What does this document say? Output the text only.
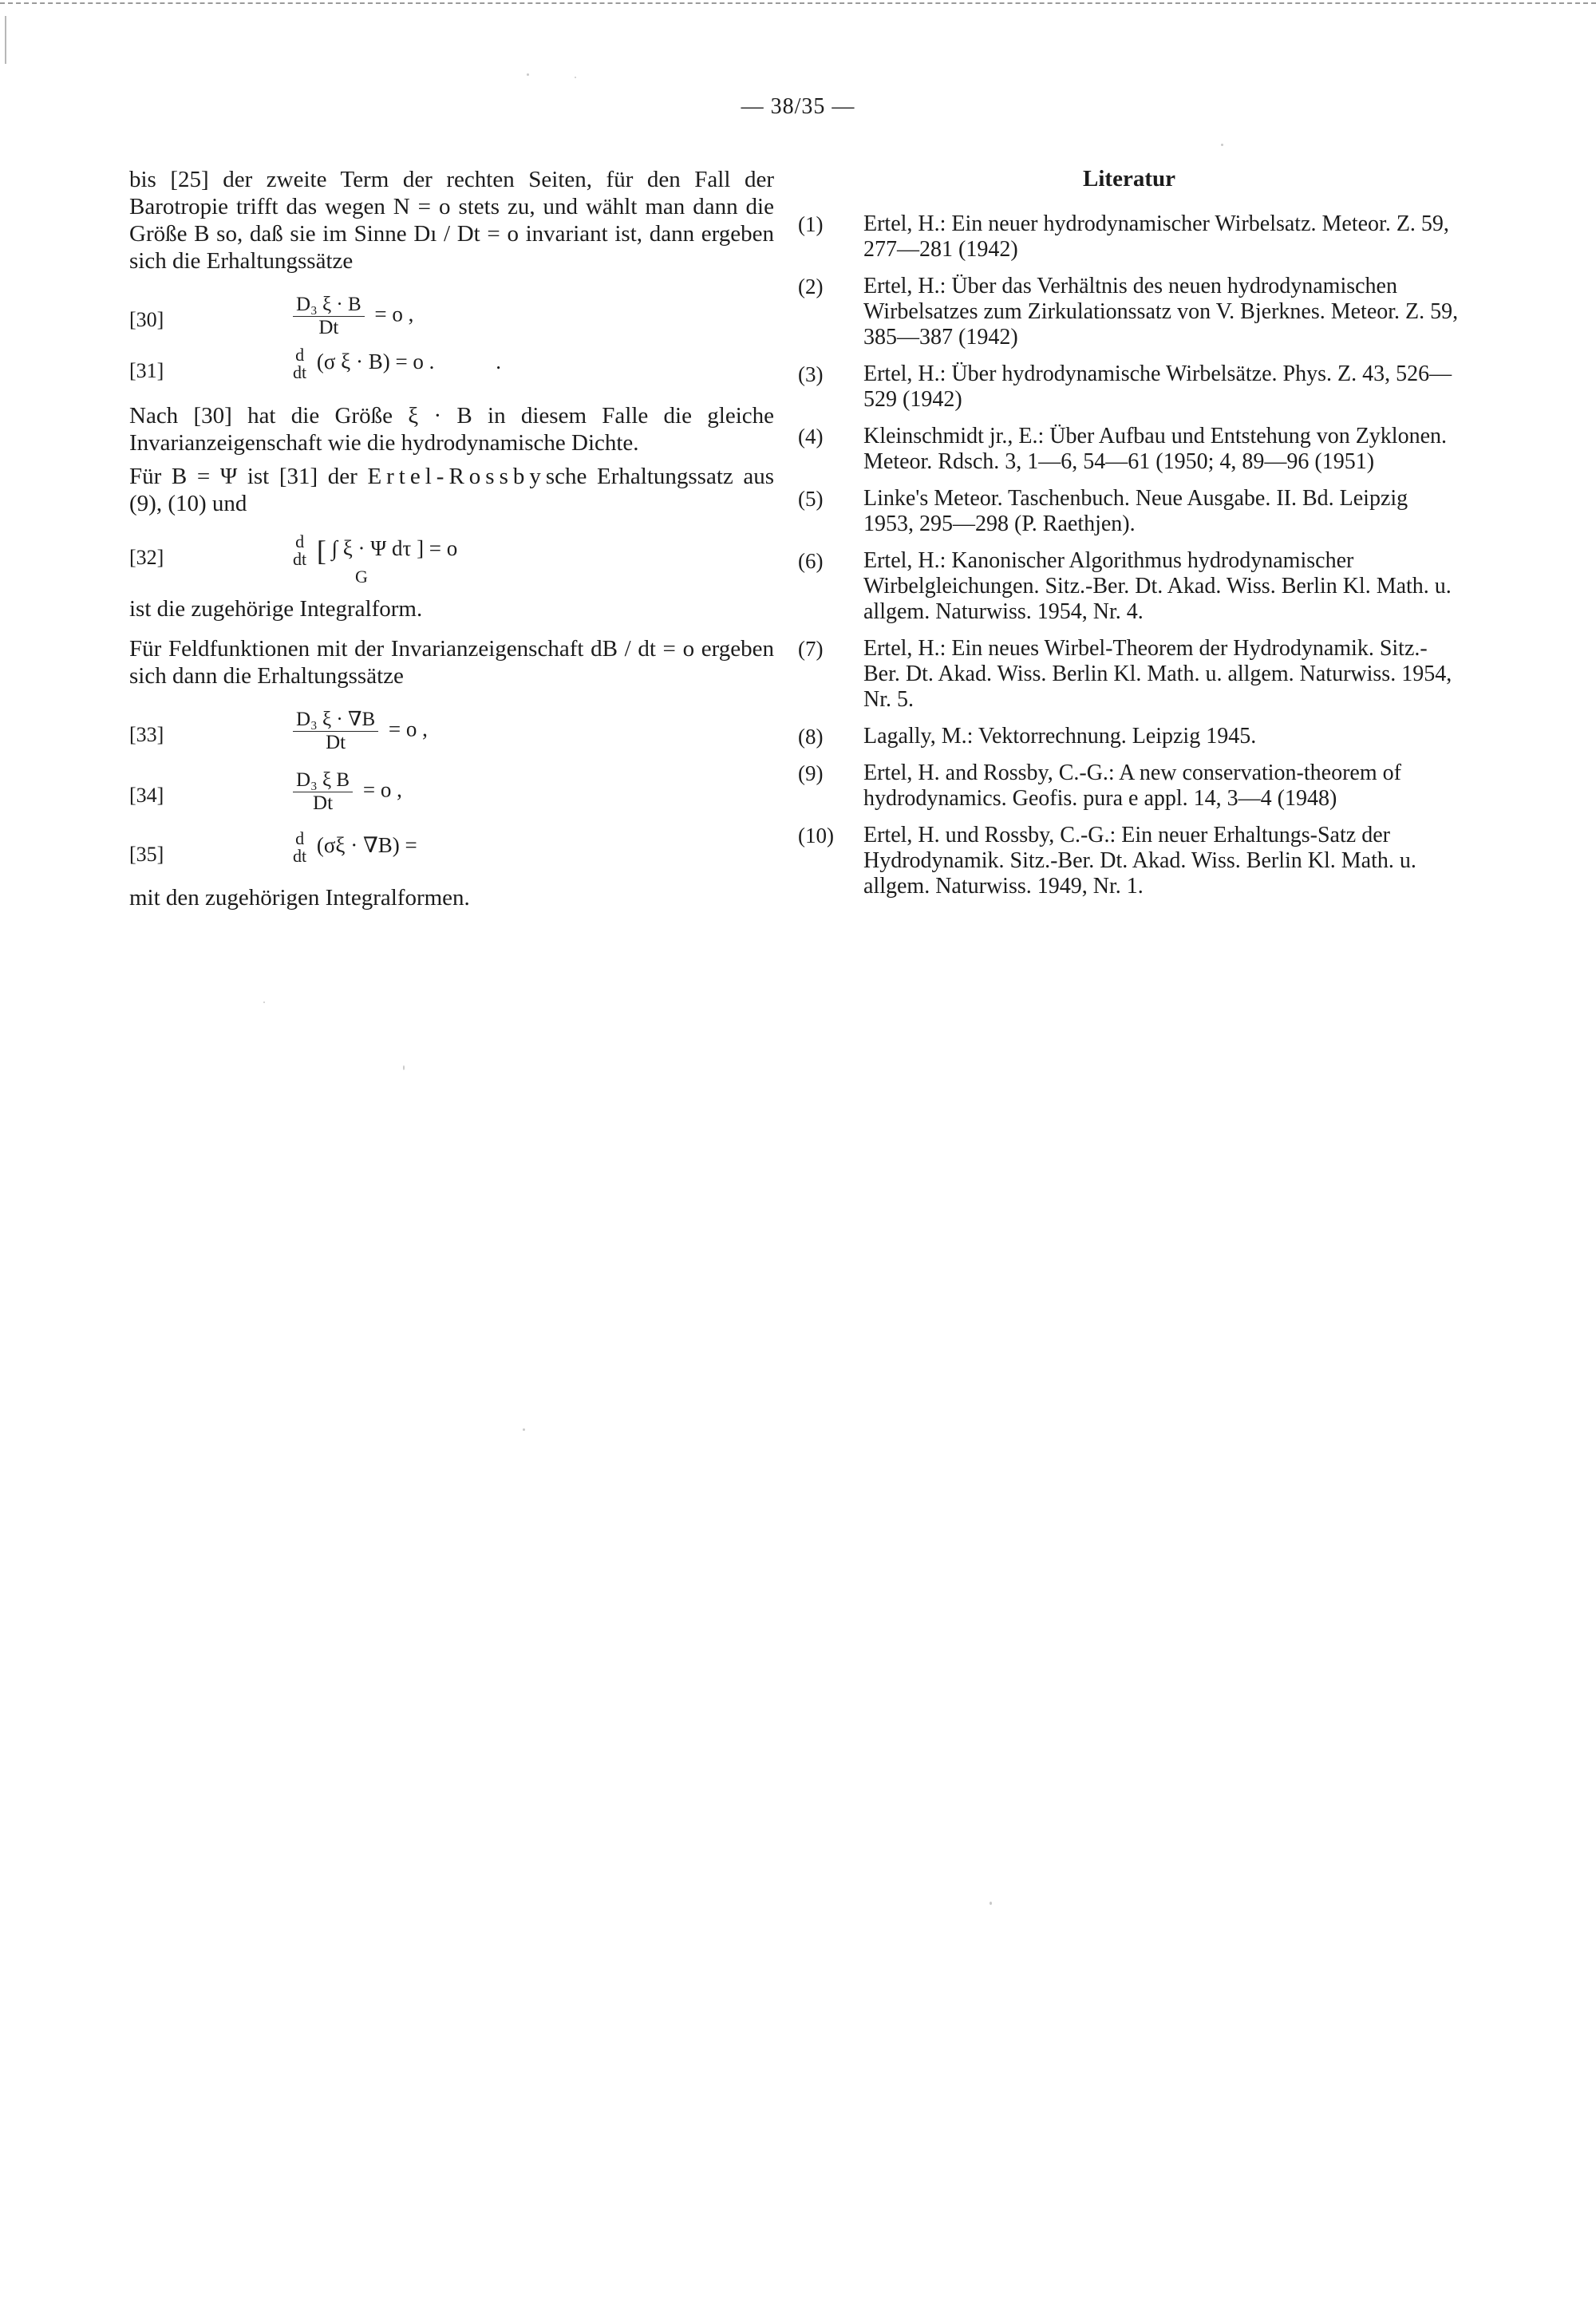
— 38/35 —

bis [25] der zweite Term der rechten Seiten, für den Fall der Barotropie trifft das wegen N = o stets zu, und wählt man dann die Größe B so, daß sie im Sinne Dı / Dt = o invariant ist, dann ergeben sich die Erhaltungssätze

[30]	$\frac{\text{D₃ ξ · B}}{Dt} = o$ ,
[31]
d
dt (σ ξ · B) = o .	.

Nach [30] hat die Größe ξ · B in diesem Falle die gleiche Invarianzeigenschaft wie die hydrodynamische Dichte.

Für B = Ψ ist [31] der Ertel-Rossbysche Erhaltungssatz aus (9), (10) und

[32]
d
dt [ ∫ ξ · Ψ dτ ] = o
G

ist die zugehörige Integralform.

Für Feldfunktionen mit der Invarianzeigenschaft dB / dt = o ergeben sich dann die Erhaltungssätze

[33]	$\frac{\text{D₃ ξ · ∇B}}{Dt} = o$ ,
[34]	$\frac{\text{D₃ ξ B}}{Dt} = o$ ,
[35]
d
dt (σξ · ∇B) =

mit den zugehörigen Integralformen.

Literatur
(1)	Ertel, H.: Ein neuer hydrodynamischer Wirbelsatz. Meteor. Z. 59, 277—281 (1942)
(2)	Ertel, H.: Über das Verhältnis des neuen hydrodynamischen Wirbelsatzes zum Zirkulationssatz von V. Bjerknes. Meteor. Z. 59, 385—387 (1942)
(3)	Ertel, H.: Über hydrodynamische Wirbelsätze. Phys. Z. 43, 526—529 (1942)
(4)	Kleinschmidt jr., E.: Über Aufbau und Entstehung von Zyklonen. Meteor. Rdsch. 3, 1—6, 54—61 (1950; 4, 89—96 (1951)
(5)	Linke's Meteor. Taschenbuch. Neue Ausgabe. II. Bd. Leipzig 1953, 295—298 (P. Raethjen).
(6)	Ertel, H.: Kanonischer Algorithmus hydrodynamischer Wirbelgleichungen. Sitz.-Ber. Dt. Akad. Wiss. Berlin Kl. Math. u. allgem. Naturwiss. 1954, Nr. 4.
(7)	Ertel, H.: Ein neues Wirbel-Theorem der Hydrodynamik. Sitz.-Ber. Dt. Akad. Wiss. Berlin Kl. Math. u. allgem. Naturwiss. 1954, Nr. 5.
(8)	Lagally, M.: Vektorrechnung. Leipzig 1945.
(9)	Ertel, H. and Rossby, C.-G.: A new conservation-theorem of hydrodynamics. Geofis. pura e appl. 14, 3—4 (1948)
(10)	Ertel, H. und Rossby, C.-G.: Ein neuer Erhaltungs-Satz der Hydrodynamik. Sitz.-Ber. Dt. Akad. Wiss. Berlin Kl. Math. u. allgem. Naturwiss. 1949, Nr. 1.
